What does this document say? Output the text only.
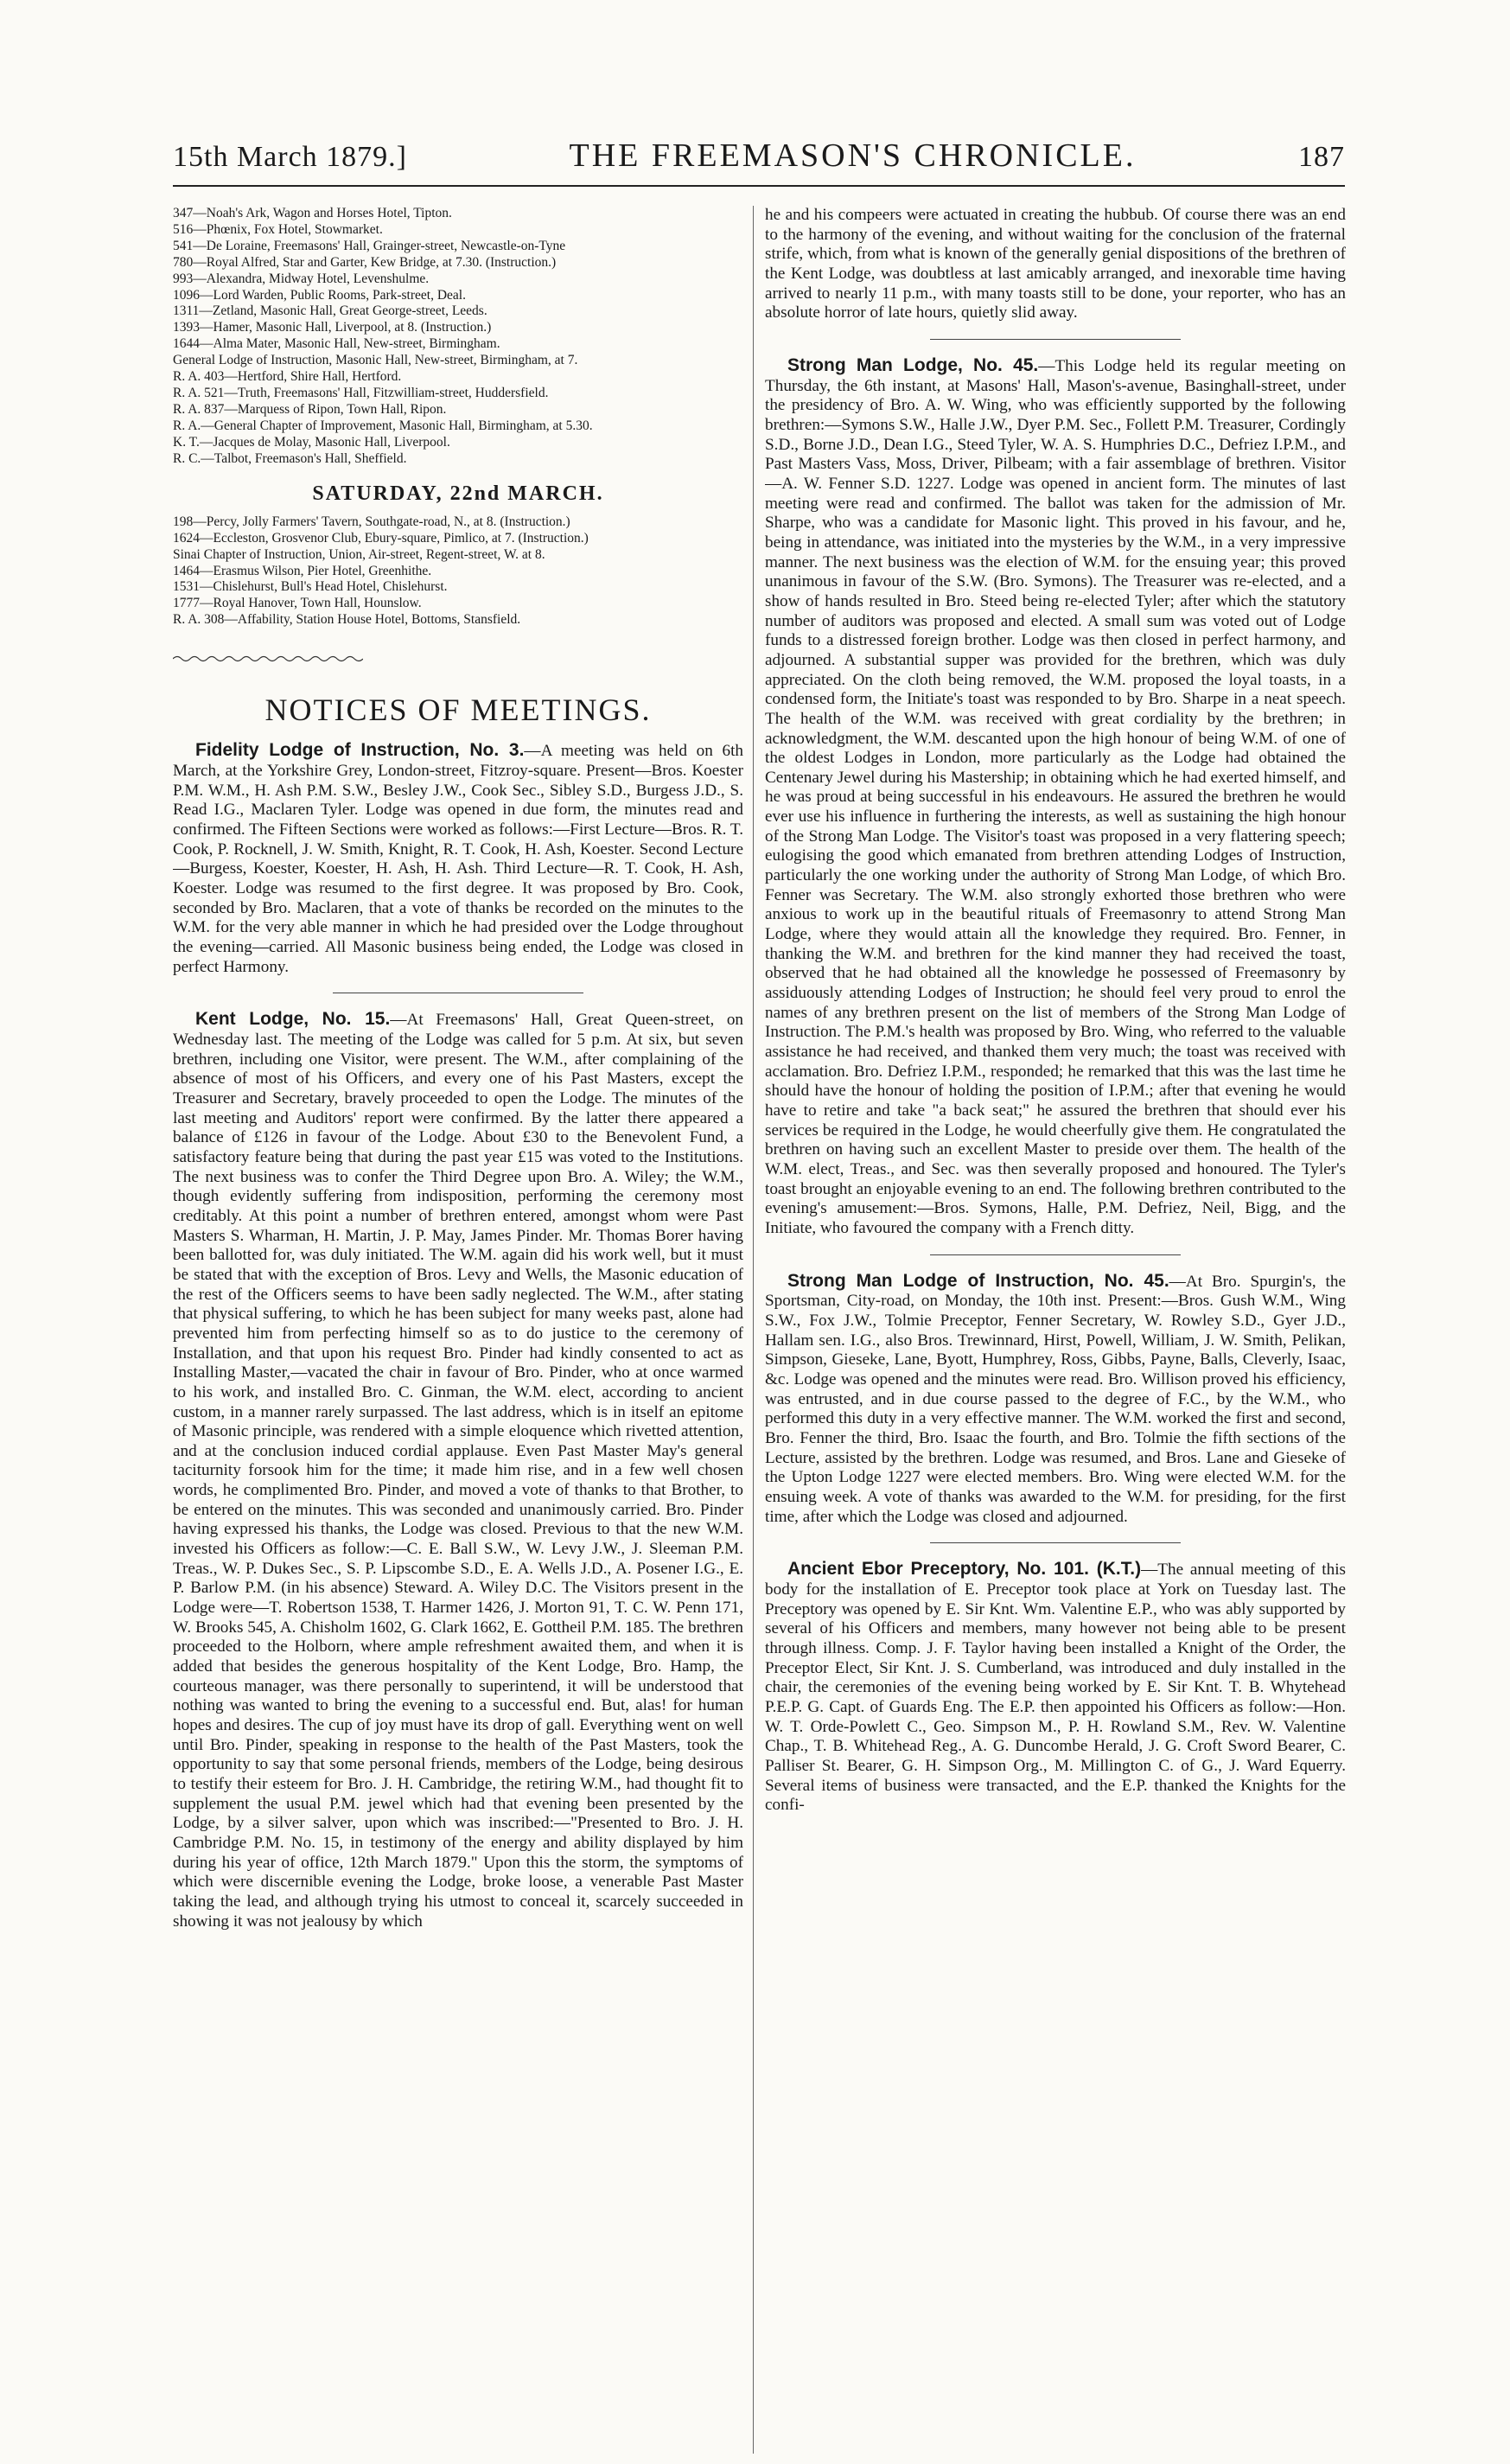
15th March 1879.]	THE FREEMASON'S CHRONICLE.	187
347—Noah's Ark, Wagon and Horses Hotel, Tipton.
516—Phœnix, Fox Hotel, Stowmarket.
541—De Loraine, Freemasons' Hall, Grainger-street, Newcastle-on-Tyne
780—Royal Alfred, Star and Garter, Kew Bridge, at 7.30. (Instruction.)
993—Alexandra, Midway Hotel, Levenshulme.
1096—Lord Warden, Public Rooms, Park-street, Deal.
1311—Zetland, Masonic Hall, Great George-street, Leeds.
1393—Hamer, Masonic Hall, Liverpool, at 8. (Instruction.)
1644—Alma Mater, Masonic Hall, New-street, Birmingham.
General Lodge of Instruction, Masonic Hall, New-street, Birmingham, at 7.
R. A. 403—Hertford, Shire Hall, Hertford.
R. A. 521—Truth, Freemasons' Hall, Fitzwilliam-street, Huddersfield.
R. A. 837—Marquess of Ripon, Town Hall, Ripon.
R. A.—General Chapter of Improvement, Masonic Hall, Birmingham, at 5.30.
K. T.—Jacques de Molay, Masonic Hall, Liverpool.
R. C.—Talbot, Freemason's Hall, Sheffield.
SATURDAY, 22nd MARCH.
198—Percy, Jolly Farmers' Tavern, Southgate-road, N., at 8. (Instruction.)
1624—Eccleston, Grosvenor Club, Ebury-square, Pimlico, at 7. (Instruction.)
Sinai Chapter of Instruction, Union, Air-street, Regent-street, W. at 8.
1464—Erasmus Wilson, Pier Hotel, Greenhithe.
1531—Chislehurst, Bull's Head Hotel, Chislehurst.
1777—Royal Hanover, Town Hall, Hounslow.
R. A. 308—Affability, Station House Hotel, Bottoms, Stansfield.
NOTICES OF MEETINGS.

Fidelity Lodge of Instruction, No. 3.—A meeting was held on 6th March, at the Yorkshire Grey, London-street, Fitzroy-square. Present—Bros. Koester P.M. W.M., H. Ash P.M. S.W., Besley J.W., Cook Sec., Sibley S.D., Burgess J.D., S. Read I.G., Maclaren Tyler. Lodge was opened in due form, the minutes read and confirmed. The Fifteen Sections were worked as follows:—First Lecture—Bros. R. T. Cook, P. Rocknell, J. W. Smith, Knight, R. T. Cook, H. Ash, Koester. Second Lecture—Burgess, Koester, Koester, H. Ash, H. Ash. Third Lecture—R. T. Cook, H. Ash, Koester. Lodge was resumed to the first degree. It was proposed by Bro. Cook, seconded by Bro. Maclaren, that a vote of thanks be recorded on the minutes to the W.M. for the very able manner in which he had presided over the Lodge throughout the evening—carried. All Masonic business being ended, the Lodge was closed in perfect Harmony.

Kent Lodge, No. 15.—At Freemasons' Hall, Great Queen-street, on Wednesday last. The meeting of the Lodge was called for 5 p.m. At six, but seven brethren, including one Visitor, were present. The W.M., after complaining of the absence of most of his Officers, and every one of his Past Masters, except the Treasurer and Secretary, bravely proceeded to open the Lodge. The minutes of the last meeting and Auditors' report were confirmed. By the latter there appeared a balance of £126 in favour of the Lodge. About £30 to the Benevolent Fund, a satisfactory feature being that during the past year £15 was voted to the Institutions. The next business was to confer the Third Degree upon Bro. A. Wiley; the W.M., though evidently suffering from indisposition, performing the ceremony most creditably. At this point a number of brethren entered, amongst whom were Past Masters S. Wharman, H. Martin, J. P. May, James Pinder. Mr. Thomas Borer having been ballotted for, was duly initiated. The W.M. again did his work well, but it must be stated that with the exception of Bros. Levy and Wells, the Masonic education of the rest of the Officers seems to have been sadly neglected. The W.M., after stating that physical suffering, to which he has been subject for many weeks past, alone had prevented him from perfecting himself so as to do justice to the ceremony of Installation, and that upon his request Bro. Pinder had kindly consented to act as Installing Master,—vacated the chair in favour of Bro. Pinder, who at once warmed to his work, and installed Bro. C. Ginman, the W.M. elect, according to ancient custom, in a manner rarely surpassed. The last address, which is in itself an epitome of Masonic principle, was rendered with a simple eloquence which rivetted attention, and at the conclusion induced cordial applause. Even Past Master May's general taciturnity forsook him for the time; it made him rise, and in a few well chosen words, he complimented Bro. Pinder, and moved a vote of thanks to that Brother, to be entered on the minutes. This was seconded and unanimously carried. Bro. Pinder having expressed his thanks, the Lodge was closed. Previous to that the new W.M. invested his Officers as follow:—C. E. Ball S.W., W. Levy J.W., J. Sleeman P.M. Treas., W. P. Dukes Sec., S. P. Lipscombe S.D., E. A. Wells J.D., A. Posener I.G., E. P. Barlow P.M. (in his absence) Steward. A. Wiley D.C. The Visitors present in the Lodge were—T. Robertson 1538, T. Harmer 1426, J. Morton 91, T. C. W. Penn 171, W. Brooks 545, A. Chisholm 1602, G. Clark 1662, E. Gottheil P.M. 185. The brethren proceeded to the Holborn, where ample refreshment awaited them, and when it is added that besides the generous hospitality of the Kent Lodge, Bro. Hamp, the courteous manager, was there personally to superintend, it will be understood that nothing was wanted to bring the evening to a successful end. But, alas! for human hopes and desires. The cup of joy must have its drop of gall. Everything went on well until Bro. Pinder, speaking in response to the health of the Past Masters, took the opportunity to say that some personal friends, members of the Lodge, being desirous to testify their esteem for Bro. J. H. Cambridge, the retiring W.M., had thought fit to supplement the usual P.M. jewel which had that evening been presented by the Lodge, by a silver salver, upon which was inscribed:—"Presented to Bro. J. H. Cambridge P.M. No. 15, in testimony of the energy and ability displayed by him during his year of office, 12th March 1879." Upon this the storm, the symptoms of which were discernible evening the Lodge, broke loose, a venerable Past Master taking the lead, and although trying his utmost to conceal it, scarcely succeeded in showing it was not jealousy by which

he and his compeers were actuated in creating the hubbub. Of course there was an end to the harmony of the evening, and without waiting for the conclusion of the fraternal strife, which, from what is known of the generally genial dispositions of the brethren of the Kent Lodge, was doubtless at last amicably arranged, and inexorable time having arrived to nearly 11 p.m., with many toasts still to be done, your reporter, who has an absolute horror of late hours, quietly slid away.

Strong Man Lodge, No. 45.—This Lodge held its regular meeting on Thursday, the 6th instant, at Masons' Hall, Mason's-avenue, Basinghall-street, under the presidency of Bro. A. W. Wing, who was efficiently supported by the following brethren:—Symons S.W., Halle J.W., Dyer P.M. Sec., Follett P.M. Treasurer, Cordingly S.D., Borne J.D., Dean I.G., Steed Tyler, W. A. S. Humphries D.C., Defriez I.P.M., and Past Masters Vass, Moss, Driver, Pilbeam; with a fair assemblage of brethren. Visitor—A. W. Fenner S.D. 1227. Lodge was opened in ancient form. The minutes of last meeting were read and confirmed. The ballot was taken for the admission of Mr. Sharpe, who was a candidate for Masonic light. This proved in his favour, and he, being in attendance, was initiated into the mysteries by the W.M., in a very impressive manner. The next business was the election of W.M. for the ensuing year; this proved unanimous in favour of the S.W. (Bro. Symons). The Treasurer was re-elected, and a show of hands resulted in Bro. Steed being re-elected Tyler; after which the statutory number of auditors was proposed and elected. A small sum was voted out of Lodge funds to a distressed foreign brother. Lodge was then closed in perfect harmony, and adjourned. A substantial supper was provided for the brethren, which was duly appreciated. On the cloth being removed, the W.M. proposed the loyal toasts, in a condensed form, the Initiate's toast was responded to by Bro. Sharpe in a neat speech. The health of the W.M. was received with great cordiality by the brethren; in acknowledgment, the W.M. descanted upon the high honour of being W.M. of one of the oldest Lodges in London, more particularly as the Lodge had obtained the Centenary Jewel during his Mastership; in obtaining which he had exerted himself, and he was proud at being successful in his endeavours. He assured the brethren he would ever use his influence in furthering the interests, as well as sustaining the high honour of the Strong Man Lodge. The Visitor's toast was proposed in a very flattering speech; eulogising the good which emanated from brethren attending Lodges of Instruction, particularly the one working under the authority of Strong Man Lodge, of which Bro. Fenner was Secretary. The W.M. also strongly exhorted those brethren who were anxious to work up in the beautiful rituals of Freemasonry to attend Strong Man Lodge, where they would attain all the knowledge they required. Bro. Fenner, in thanking the W.M. and brethren for the kind manner they had received the toast, observed that he had obtained all the knowledge he possessed of Freemasonry by assiduously attending Lodges of Instruction; he should feel very proud to enrol the names of any brethren present on the list of members of the Strong Man Lodge of Instruction. The P.M.'s health was proposed by Bro. Wing, who referred to the valuable assistance he had received, and thanked them very much; the toast was received with acclamation. Bro. Defriez I.P.M., responded; he remarked that this was the last time he should have the honour of holding the position of I.P.M.; after that evening he would have to retire and take "a back seat;" he assured the brethren that should ever his services be required in the Lodge, he would cheerfully give them. He congratulated the brethren on having such an excellent Master to preside over them. The health of the W.M. elect, Treas., and Sec. was then severally proposed and honoured. The Tyler's toast brought an enjoyable evening to an end. The following brethren contributed to the evening's amusement:—Bros. Symons, Halle, P.M. Defriez, Neil, Bigg, and the Initiate, who favoured the company with a French ditty.

Strong Man Lodge of Instruction, No. 45.—At Bro. Spurgin's, the Sportsman, City-road, on Monday, the 10th inst. Present:—Bros. Gush W.M., Wing S.W., Fox J.W., Tolmie Preceptor, Fenner Secretary, W. Rowley S.D., Gyer J.D., Hallam sen. I.G., also Bros. Trewinnard, Hirst, Powell, William, J. W. Smith, Pelikan, Simpson, Gieseke, Lane, Byott, Humphrey, Ross, Gibbs, Payne, Balls, Cleverly, Isaac, &c. Lodge was opened and the minutes were read. Bro. Willison proved his efficiency, was entrusted, and in due course passed to the degree of F.C., by the W.M., who performed this duty in a very effective manner. The W.M. worked the first and second, Bro. Fenner the third, Bro. Isaac the fourth, and Bro. Tolmie the fifth sections of the Lecture, assisted by the brethren. Lodge was resumed, and Bros. Lane and Gieseke of the Upton Lodge 1227 were elected members. Bro. Wing were elected W.M. for the ensuing week. A vote of thanks was awarded to the W.M. for presiding, for the first time, after which the Lodge was closed and adjourned.

Ancient Ebor Preceptory, No. 101. (K.T.)—The annual meeting of this body for the installation of E. Preceptor took place at York on Tuesday last. The Preceptory was opened by E. Sir Knt. Wm. Valentine E.P., who was ably supported by several of his Officers and members, many however not being able to be present through illness. Comp. J. F. Taylor having been installed a Knight of the Order, the Preceptor Elect, Sir Knt. J. S. Cumberland, was introduced and duly installed in the chair, the ceremonies of the evening being worked by E. Sir Knt. T. B. Whytehead P.E.P. G. Capt. of Guards Eng. The E.P. then appointed his Officers as follow:—Hon. W. T. Orde-Powlett C., Geo. Simpson M., P. H. Rowland S.M., Rev. W. Valentine Chap., T. B. Whitehead Reg., A. G. Duncombe Herald, J. G. Croft Sword Bearer, C. Palliser St. Bearer, G. H. Simpson Org., M. Millington C. of G., J. Ward Equerry. Several items of business were transacted, and the E.P. thanked the Knights for the confi-
